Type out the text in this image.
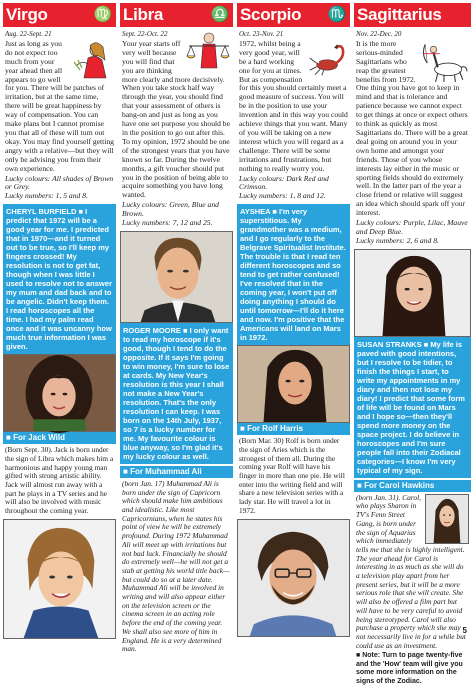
Virgo	♍
Aug. 22-Sept. 21
Just as long as you do not expect too much from your year ahead then all appears to go well for you. There will be patches of irritation, but at the same time, there will be great happiness by way of compensation. You can make plans but I cannot promise you that all of these will turn out okay. You may find yourself getting angry with a relative—but they will only be advising you from their own experience.
Lucky colours: All shades of Brown or Grey.
Lucky numbers: 1, 5 and 8.
CHERYL BURFIELD ■ I predict that 1972 will be a good year for me. I predicted that in 1970—and it turned out to be true, so I'll keep my fingers crossed! My resolution is not to get fat, though when I was little I used to resolve not to answer my mum and dad back and to be angelic. Didn't keep them. I read horoscopes all the time. I had my palm read once and it was uncanny how much true information I was given.
■ For Jack Wild
(Born Sept. 30). Jack is born under the sign of Libra which makes him a harmonious and happy young man gifted with strong artistic ability. Jack will almost run away with a part he plays in a TV series and he will also be involved with music throughout the coming year.
Libra	♎
Sept. 22-Oct. 22
Your year starts off very well because you will find that you are thinking more clearly and more decisively. When you take stock half way through the year, you should find that your assessment of others is bang-on and just as long as you have one set purpose you should be in the position to go out after this. To my opinion, 1972 should be one of the strongest years that you have known so far. During the twelve months, a gift voucher should put you in the position of being able to acquire something you have long wanted.
Lucky colours: Green, Blue and Brown.
Lucky numbers: 7, 12 and 25.
ROGER MOORE ■ I only want to read my horoscope if it's good, though I tend to do the opposite. If it says I'm going to win money, I'm sure to lose at cards. My New Year's resolution is this year I shall not make a New Year's resolution. That's the only resolution I can keep. I was born on the 14th July, 1937, so 7 is a lucky number for me. My favourite colour is blue anyway, so I'm glad it's my lucky colour as well.
■ For Muhammad Ali
(born Jan. 17) Muhammad Ali is born under the sign of Capricorn which should make him ambitious and idealistic. Like most Capricornians, when he states his point of view he will be extremely profound. During 1972 Muhammad Ali will meet up with irritations but not bad luck. Financially he should do extremely well—he will not get a stab at getting his world title back—but could do so at a later date. Muhammad Ali will be involved in writing and will also appear either on the television screen or the cinema screen in an acting role before the end of the coming year. We shall also see more of him in England. He is a very determined man.
Scorpio ♏
Oct. 23-Nov. 21
1972, whilst being a very good year, will be a hard working one for you at times. But as compensation for this you should certainly meet a good measure of success. You will be in the position to use your invention and in this way you could achieve things that you want. Many of you will be taking on a new interest which you will regard as a challenge. There will be some irritations and frustrations, but nothing to really worry you.
Lucky colours: Dark Red and Crimson.
Lucky numbers: 1, 8 and 12.
AYSHEA ■ I'm very superstitious. My grandmother was a medium, and I go regularly to the Belgrave Spiritualist Institute. The trouble is that I read ten different horoscopes and so tend to get rather confused! I've resolved that in the coming year, I won't put off doing anything I should do until tomorrow—I'll do it here and now. I'm positive that the Americans will land on Mars in 1972.
■ For Rolf Harris
(Born Mar. 30) Rolf is born under the sign of Aries which is the strongest of them all. During the coming year Rolf will have his finger in more than one pie. He will enter into the writing field and will share a new television series with a lady star. He will travel a lot in 1972.
Sagittarius
Nov. 22-Dec. 20
It is the more serious-minded Sagittarians who reap the greatest benefits from 1972. One thing you have got to keep in mind and that is tolerance and patience because we cannot expect to get things at once or expect others to think as quickly as most Sagittarians do. There will be a great deal going on around you in your own home and amongst your friends. Those of you whose interests lay either in the music or sporting fields should do extremely well. In the latter part of the year a close friend or relative will suggest an idea which should spark off your interest.
Lucky colours: Purple, Lilac, Mauve and Deep Blue.
Lucky numbers: 2, 6 and 8.
SUSAN STRANKS ■ My life is paved with good intentions, but I resolve to be tidier, to finish the things I start, to write my appointments in my diary and then not lose my diary! I predict that some form of life will be found on Mars and I hope so—then they'll spend more money on the space project. I do believe in horoscopes and I'm sure people fall into their Zodiacal categories—I know I'm very typical of my sign.
■ For Carol Hawkins
(born Jan. 31). Carol, who plays Sharon in TV's Fenn Street Gang, is born under the sign of Aquarius which immediately tells me that she is highly intelligent. The year ahead for Carol is interesting in as much as she will do a television play apart from her present series, but it will be a more serious role that she will create. She will also be offered a film part but will have to be very careful to avoid being stereotyped. Carol will also purchase a property which she may not necessarily live in for a while but could use as an investment.
■ Note: Turn to page twenty-five and the 'How' team will give you some more information on the signs of the Zodiac.
5
